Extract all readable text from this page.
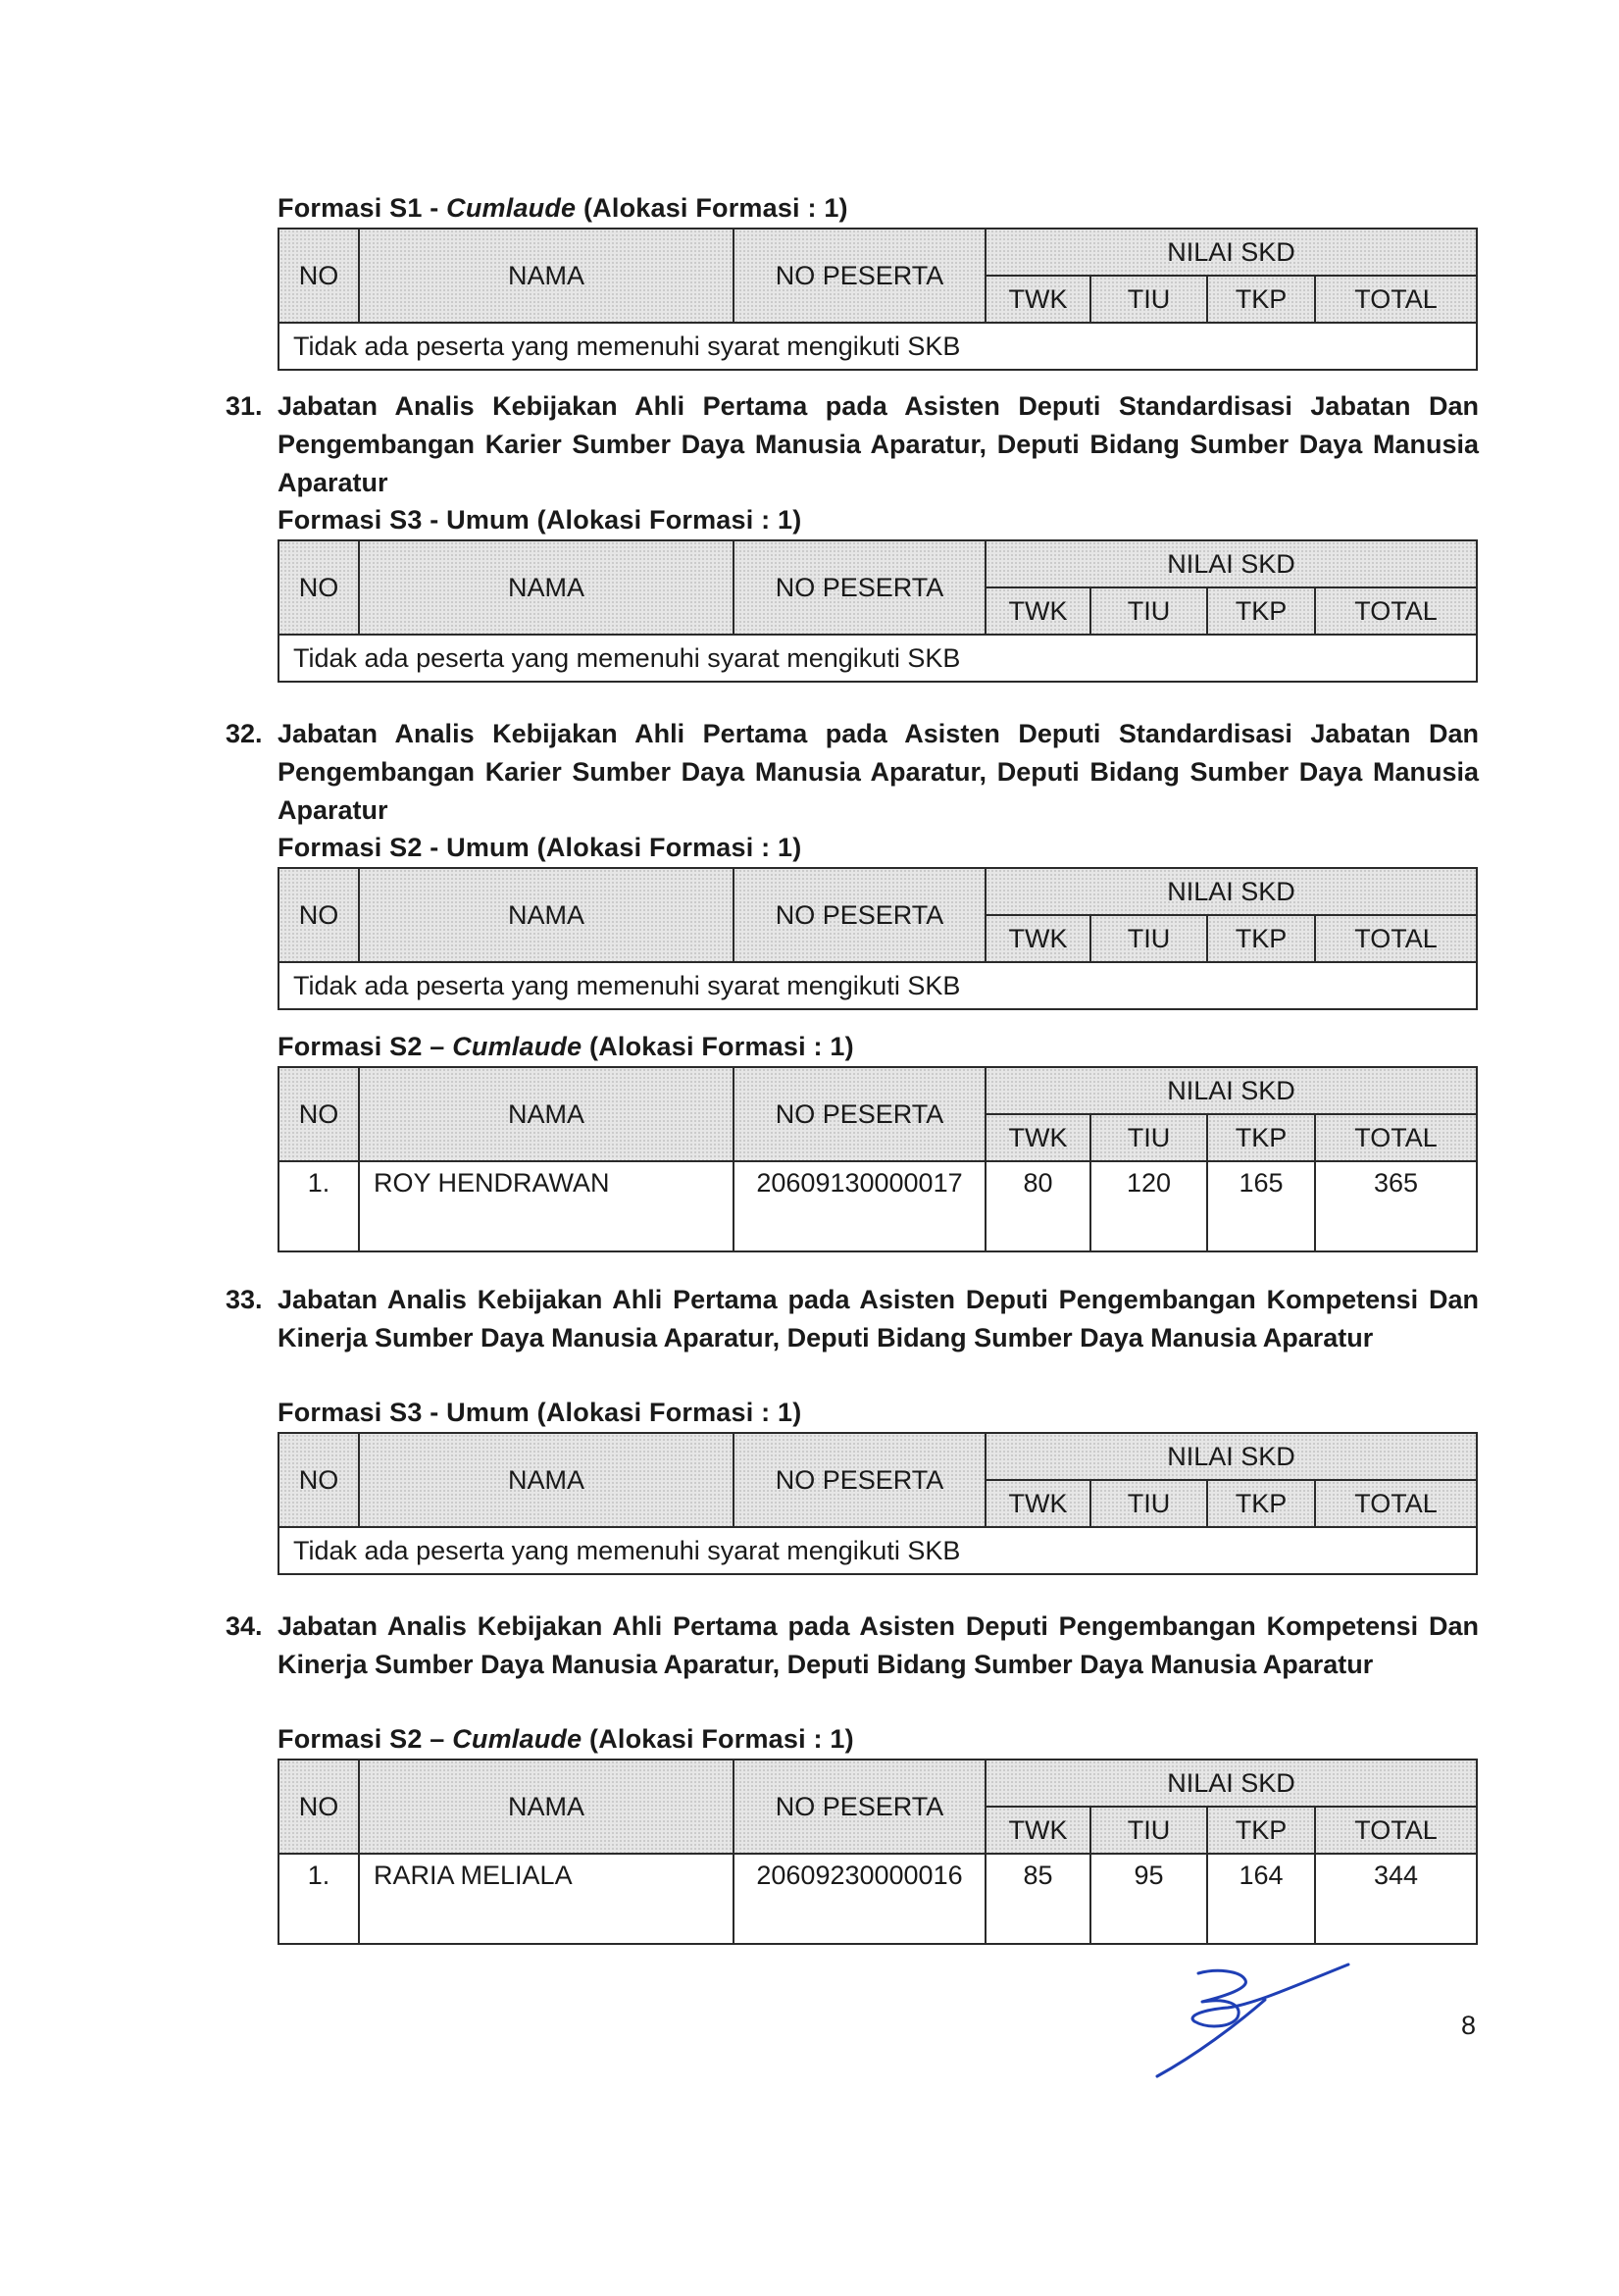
Formasi S1 - Cumlaude (Alokasi Formasi : 1)
NO	NAMA	NO PESERTA	NILAI SKD			
			TWK	TIU	TKP	TOTAL
Tidak ada peserta yang memenuhi syarat mengikuti SKB						
31. Jabatan Analis Kebijakan Ahli Pertama pada Asisten Deputi Standardisasi Jabatan Dan Pengembangan Karier Sumber Daya Manusia Aparatur, Deputi Bidang Sumber Daya Manusia Aparatur
Formasi S3 - Umum (Alokasi Formasi : 1)
NO	NAMA	NO PESERTA	NILAI SKD			
			TWK	TIU	TKP	TOTAL
Tidak ada peserta yang memenuhi syarat mengikuti SKB						
32. Jabatan Analis Kebijakan Ahli Pertama pada Asisten Deputi Standardisasi Jabatan Dan Pengembangan Karier Sumber Daya Manusia Aparatur, Deputi Bidang Sumber Daya Manusia Aparatur
Formasi S2 - Umum (Alokasi Formasi : 1)
NO	NAMA	NO PESERTA	NILAI SKD			
			TWK	TIU	TKP	TOTAL
Tidak ada peserta yang memenuhi syarat mengikuti SKB						
Formasi S2 – Cumlaude (Alokasi Formasi : 1)
NO	NAMA	NO PESERTA	NILAI SKD			
			TWK	TIU	TKP	TOTAL
1.	ROY HENDRAWAN	20609130000017	80	120	165	365
33. Jabatan Analis Kebijakan Ahli Pertama pada Asisten Deputi Pengembangan Kompetensi Dan Kinerja Sumber Daya Manusia Aparatur, Deputi Bidang Sumber Daya Manusia Aparatur
Formasi S3 - Umum (Alokasi Formasi : 1)
NO	NAMA	NO PESERTA	NILAI SKD			
			TWK	TIU	TKP	TOTAL
Tidak ada peserta yang memenuhi syarat mengikuti SKB						
34. Jabatan Analis Kebijakan Ahli Pertama pada Asisten Deputi Pengembangan Kompetensi Dan Kinerja Sumber Daya Manusia Aparatur, Deputi Bidang Sumber Daya Manusia Aparatur
Formasi S2 – Cumlaude (Alokasi Formasi : 1)
NO	NAMA	NO PESERTA	NILAI SKD			
			TWK	TIU	TKP	TOTAL
1.	RARIA MELIALA	20609230000016	85	95	164	344
8
